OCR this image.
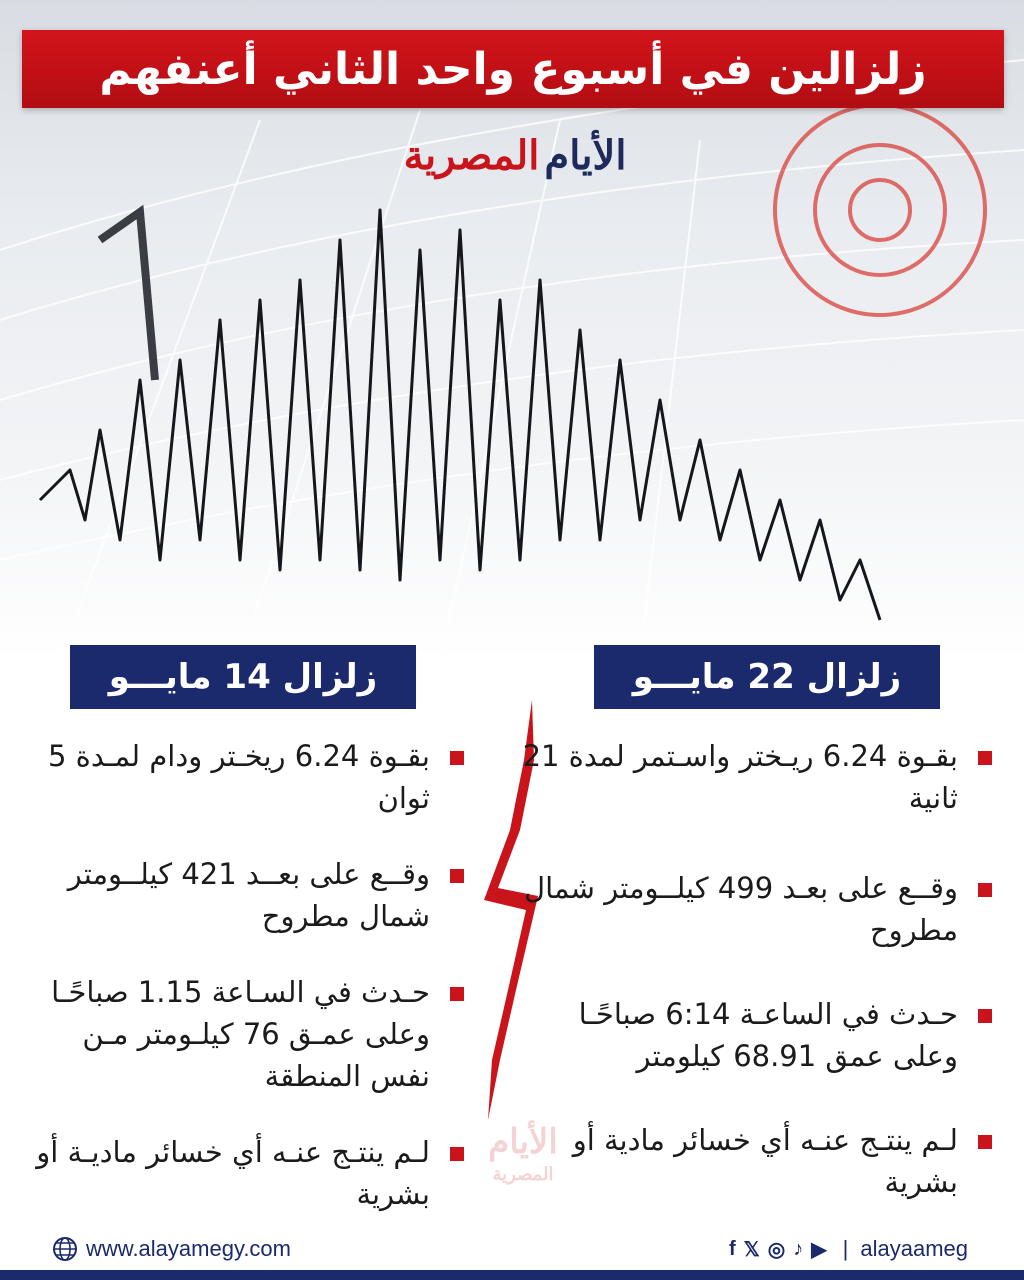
زلزالين في أسبوع واحد الثاني أعنفهم
الأيام المصرية
زلزال 22 مايـــو
زلزال 14 مايـــو
بقـوة 6.24 ريـختر واسـتمر لمدة 21 ثانية
وقــع على بعـد 499 كيلــومتر شمال مطروح
حـدث في الساعـة 6:14 صباحًـا وعلى عمق 68.91 كيلومتر
لـم ينتـج عنـه أي خسائر مادية أو بشرية
بقـوة 6.24 ريخـتر ودام لمـدة 5 ثوان
وقــع على بعــد 421 كيلــومتر شمال مطروح
حـدث في السـاعة 1.15 صباحًـا وعلى عمـق 76 كيلـومتر مـن نفس المنطقة
لـم ينتـج عنـه أي خسائر ماديـة أو بشرية
الأيام
المصرية
www.alayamegy.com	f 𝕏 ◎ ♪ ▶ | alayaameg
